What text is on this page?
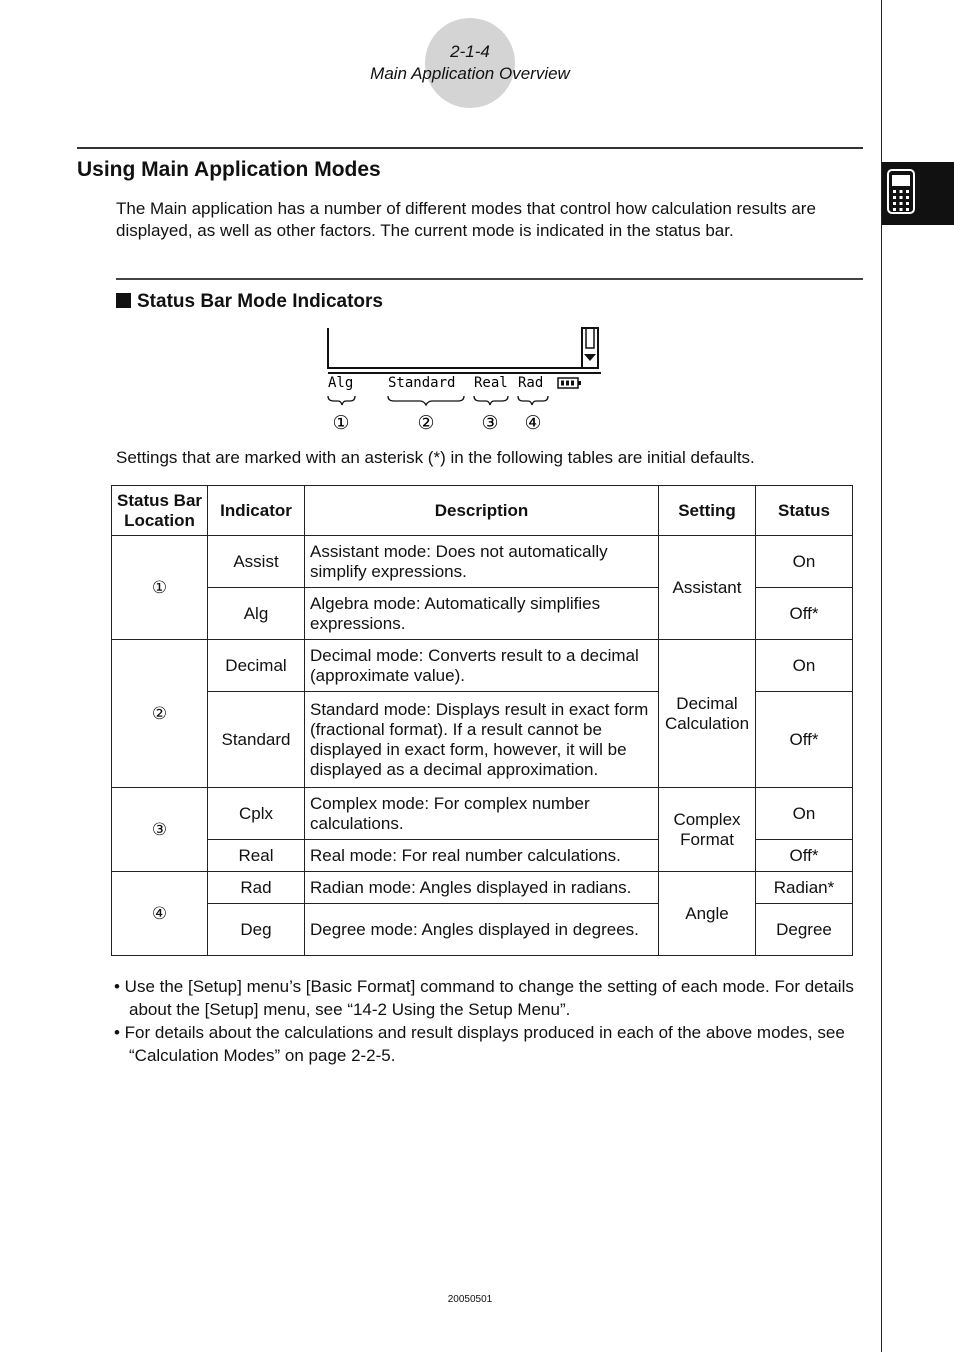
2-1-4
Main Application Overview
Using Main Application Modes
The Main application has a number of different modes that control how calculation results are displayed, as well as other factors. The current mode is indicated in the status bar.
Status Bar Mode Indicators
Alg Standard Real Rad
①	② ③ ④
Settings that are marked with an asterisk (*) in the following tables are initial defaults.
Status Bar Location	Indicator	Description	Setting	Status
①	Assist	Assistant mode: Does not automatically simplify expressions.	Assistant	On
	Alg	Algebra mode: Automatically simplifies expressions.		Off*
②	Decimal	Decimal mode: Converts result to a decimal (approximate value).	Decimal Calculation	On
	Standard	Standard mode: Displays result in exact form (fractional format). If a result cannot be displayed in exact form, however, it will be displayed as a decimal approximation.		Off*
③	Cplx	Complex mode: For complex number calculations.	Complex Format	On
	Real	Real mode: For real number calculations.		Off*
④	Rad	Radian mode: Angles displayed in radians.	Angle	Radian*
	Deg	Degree mode: Angles displayed in degrees.		Degree
• Use the [Setup] menu’s [Basic Format] command to change the setting of each mode. For details about the [Setup] menu, see “14-2 Using the Setup Menu”.
• For details about the calculations and result displays produced in each of the above modes, see “Calculation Modes” on page 2-2-5.
20050501
